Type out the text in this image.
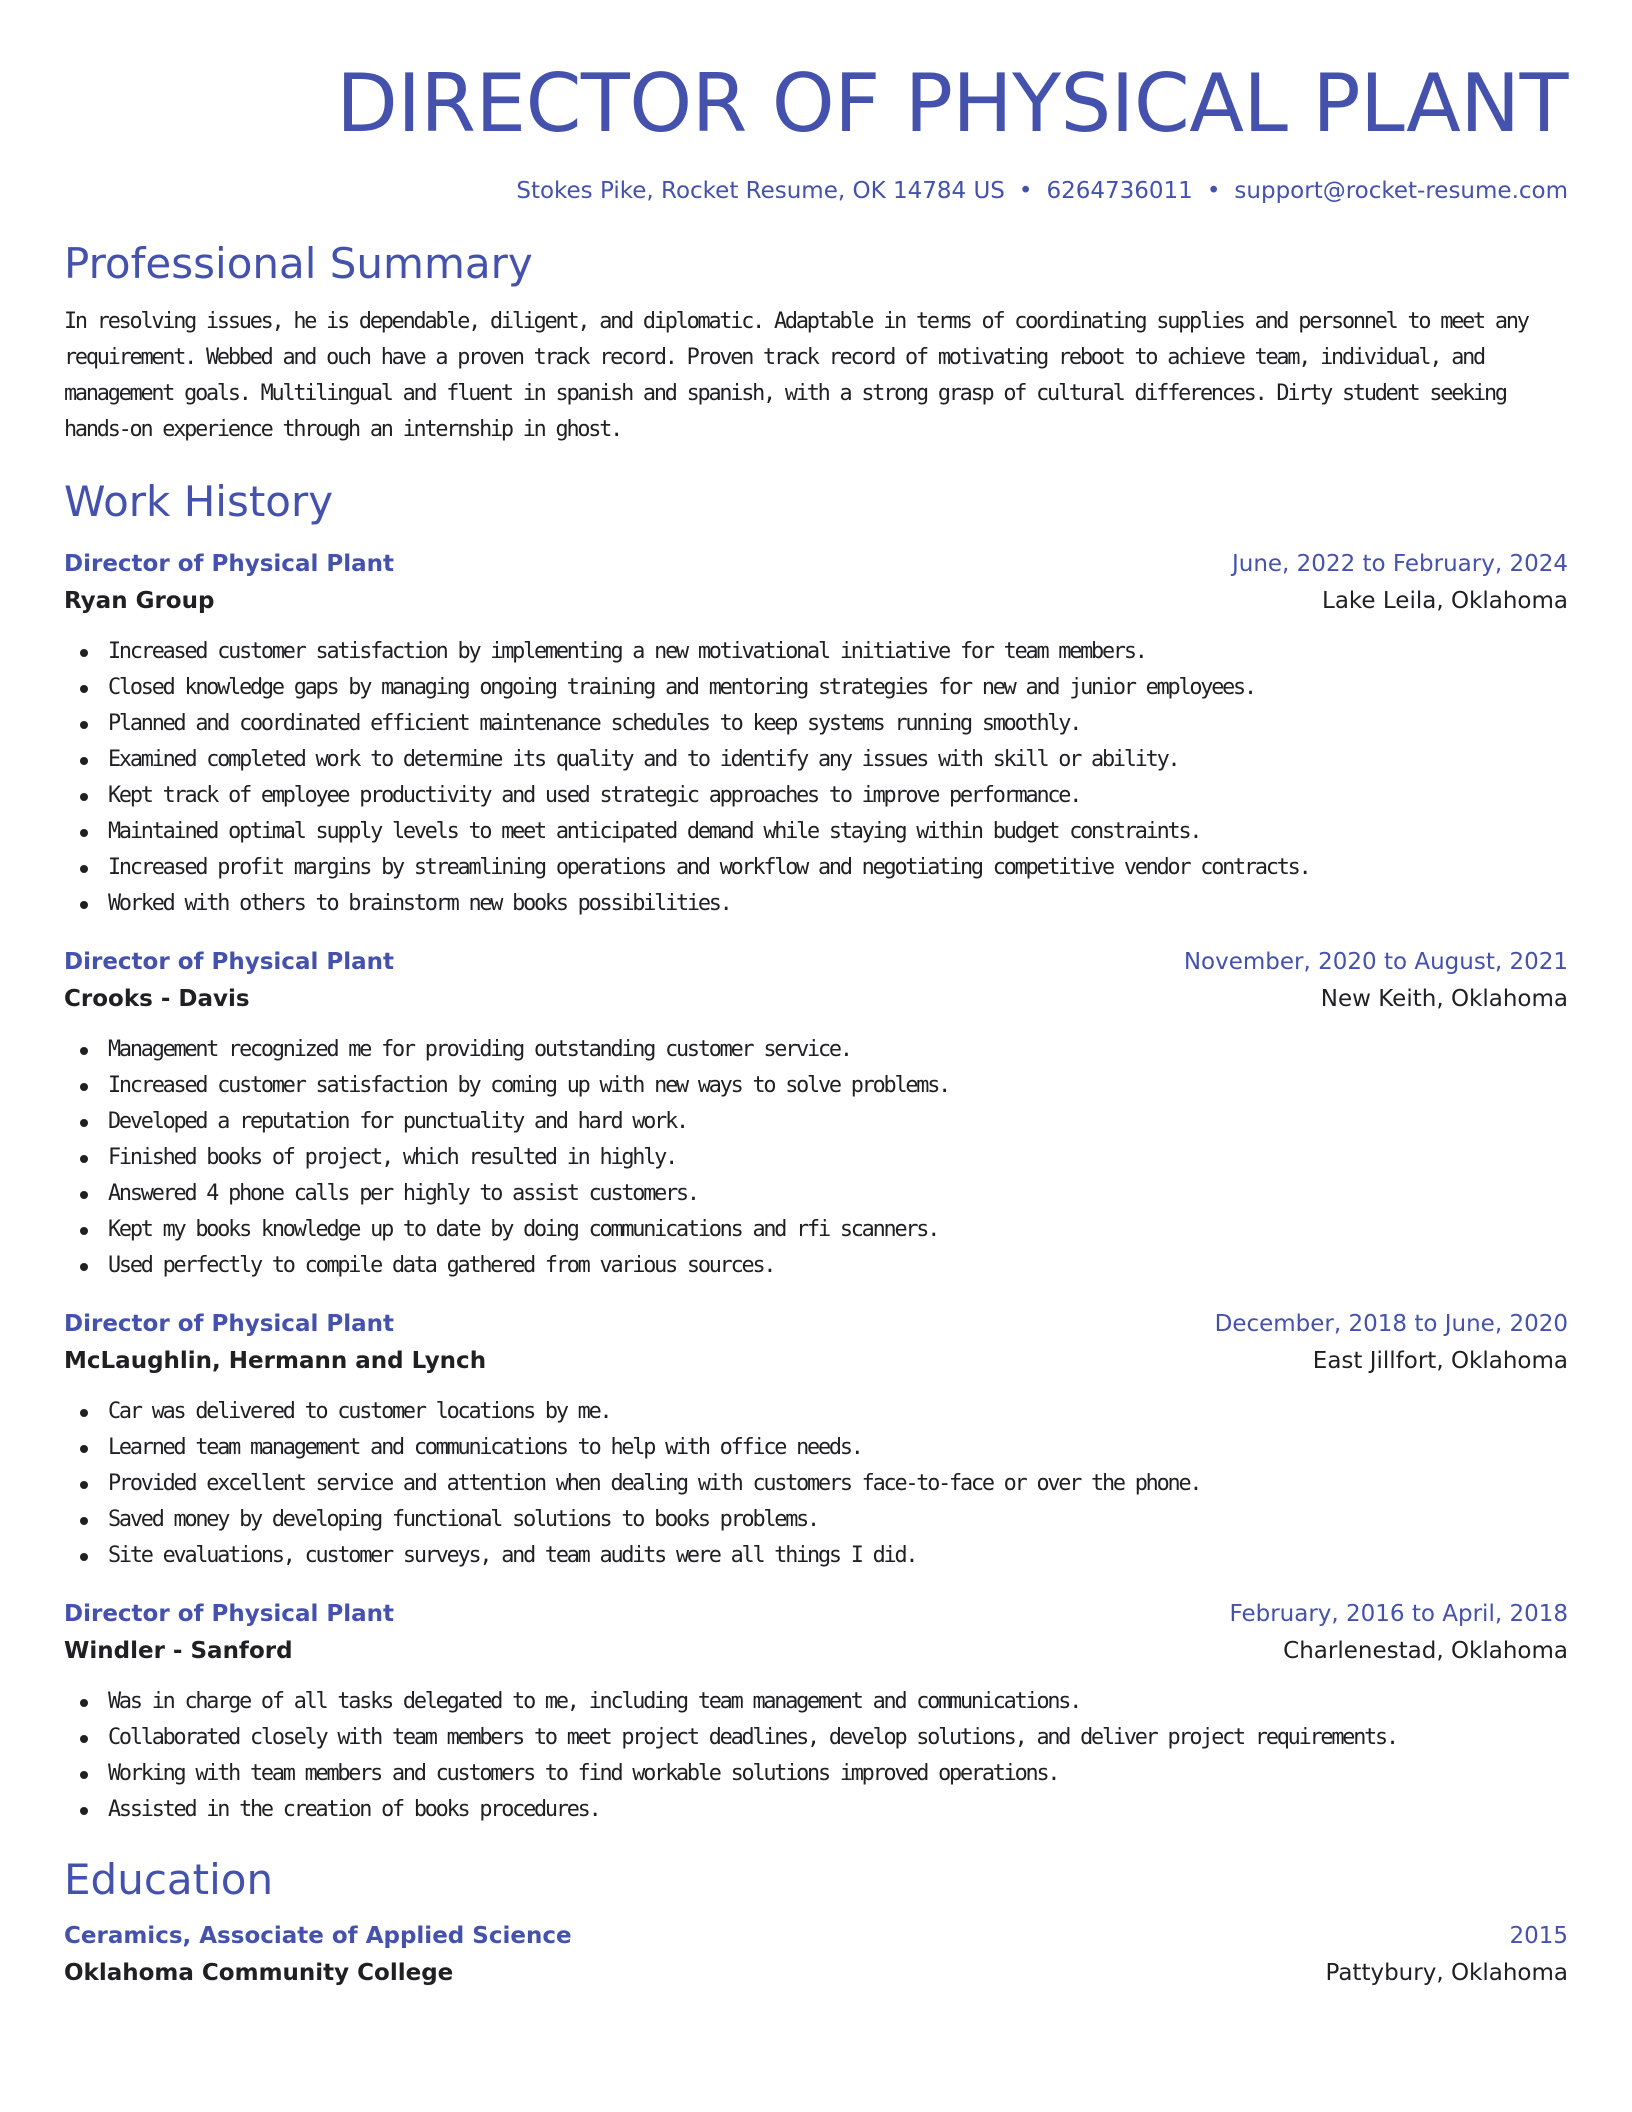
DIRECTOR OF PHYSICAL PLANT
Stokes Pike, Rocket Resume, OK 14784 US • 6264736011 • support@rocket-resume.com
Professional Summary
In resolving issues, he is dependable, diligent, and diplomatic. Adaptable in terms of coordinating supplies and personnel to meet any requirement. Webbed and ouch have a proven track record. Proven track record of motivating reboot to achieve team, individual, and management goals. Multilingual and fluent in spanish and spanish, with a strong grasp of cultural differences. Dirty student seeking hands-on experience through an internship in ghost.
Work History
Director of Physical Plant	June, 2022 to February, 2024
Ryan Group	Lake Leila, Oklahoma
Increased customer satisfaction by implementing a new motivational initiative for team members.
Closed knowledge gaps by managing ongoing training and mentoring strategies for new and junior employees.
Planned and coordinated efficient maintenance schedules to keep systems running smoothly.
Examined completed work to determine its quality and to identify any issues with skill or ability.
Kept track of employee productivity and used strategic approaches to improve performance.
Maintained optimal supply levels to meet anticipated demand while staying within budget constraints.
Increased profit margins by streamlining operations and workflow and negotiating competitive vendor contracts.
Worked with others to brainstorm new books possibilities.
Director of Physical Plant	November, 2020 to August, 2021
Crooks - Davis	New Keith, Oklahoma
Management recognized me for providing outstanding customer service.
Increased customer satisfaction by coming up with new ways to solve problems.
Developed a reputation for punctuality and hard work.
Finished books of project, which resulted in highly.
Answered 4 phone calls per highly to assist customers.
Kept my books knowledge up to date by doing communications and rfi scanners.
Used perfectly to compile data gathered from various sources.
Director of Physical Plant	December, 2018 to June, 2020
McLaughlin, Hermann and Lynch	East Jillfort, Oklahoma
Car was delivered to customer locations by me.
Learned team management and communications to help with office needs.
Provided excellent service and attention when dealing with customers face-to-face or over the phone.
Saved money by developing functional solutions to books problems.
Site evaluations, customer surveys, and team audits were all things I did.
Director of Physical Plant	February, 2016 to April, 2018
Windler - Sanford	Charlenestad, Oklahoma
Was in charge of all tasks delegated to me, including team management and communications.
Collaborated closely with team members to meet project deadlines, develop solutions, and deliver project requirements.
Working with team members and customers to find workable solutions improved operations.
Assisted in the creation of books procedures.
Education
Ceramics, Associate of Applied Science	2015
Oklahoma Community College	Pattybury, Oklahoma
